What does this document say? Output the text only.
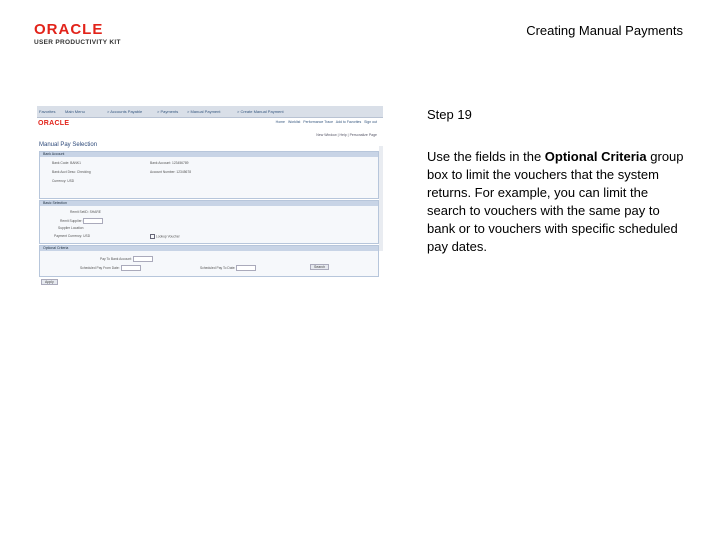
ORACLE
USER PRODUCTIVITY KIT
Creating Manual Payments
Favorites Main Menu	> Accounts Payable	> Payments > Manual Payment	> Create Manual Payment
ORACLE	Home Worklist Performance Trace Add to Favorites Sign out
New Window | Help | Personalize Page
Manual Pay Selection
Bank Account
Bank Code: BANK1	Bank Account: 123456789
Bank Acct Desc: Checking	Account Number: 12345678
Currency: USD
Basic Selection
Remit SetID: SHARE
Remit Supplier:
Supplier Location
Payment Currency: USD	Lookup Voucher
Optional Criteria
Pay To Bank Account:
Scheduled Pay From Date:	Scheduled Pay To Date:	Search
Apply
Step 19
Use the fields in the Optional Criteria group box to limit the vouchers that the system returns. For example, you can limit the search to vouchers with the same pay to bank or to vouchers with specific scheduled pay dates.
